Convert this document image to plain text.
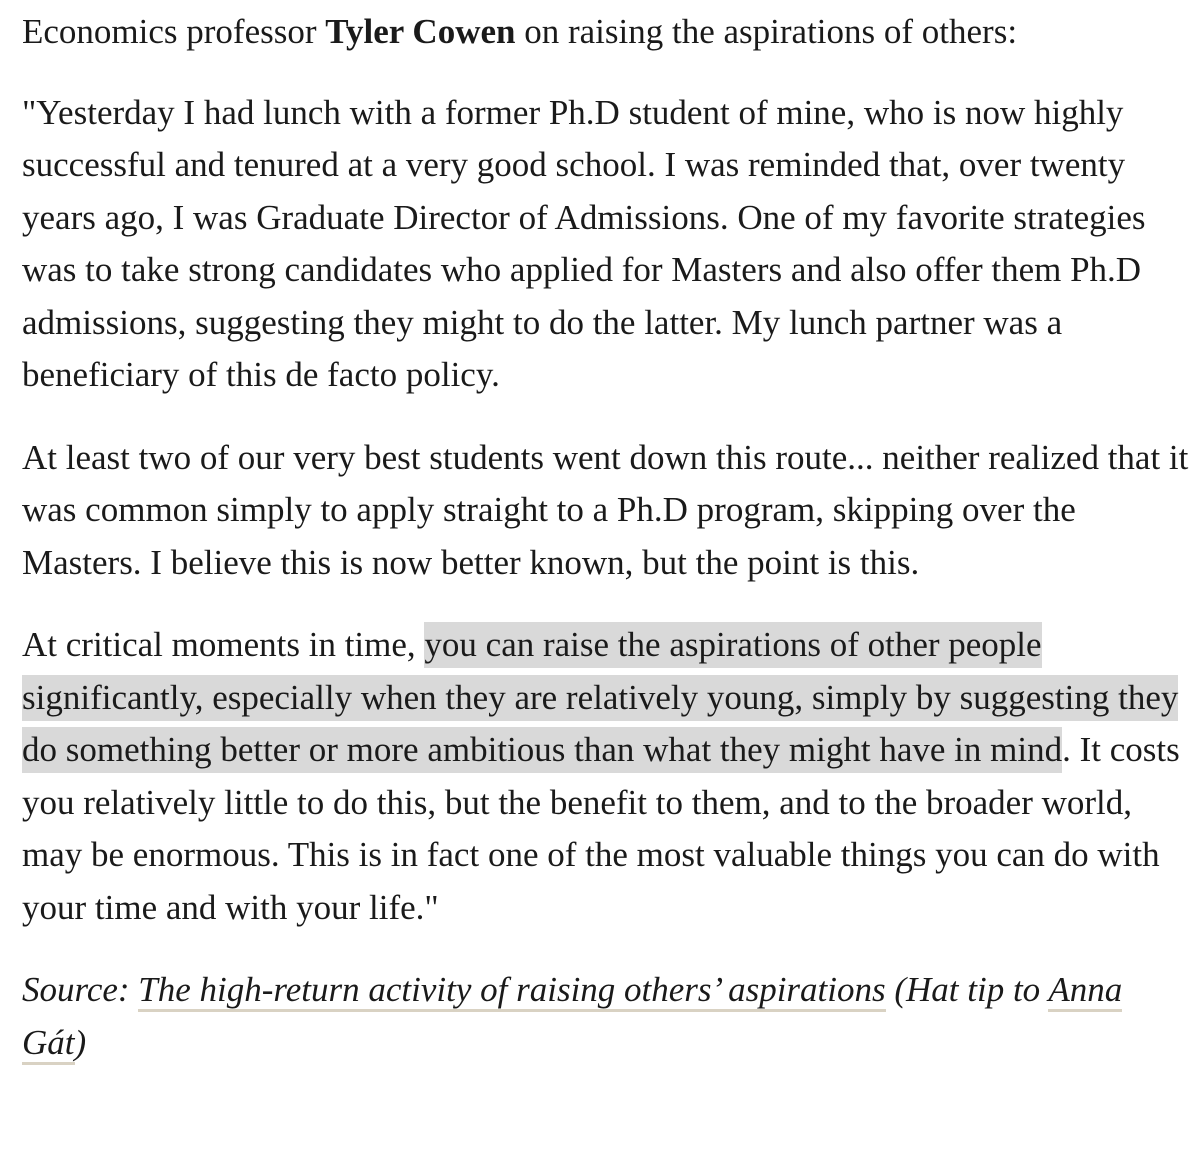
Economics professor Tyler Cowen on raising the aspirations of others:

"Yesterday I had lunch with a former Ph.D student of mine, who is now highly successful and tenured at a very good school. I was reminded that, over twenty years ago, I was Graduate Director of Admissions. One of my favorite strategies was to take strong candidates who applied for Masters and also offer them Ph.D admissions, suggesting they might to do the latter. My lunch partner was a beneficiary of this de facto policy.

At least two of our very best students went down this route... neither realized that it was common simply to apply straight to a Ph.D program, skipping over the Masters. I believe this is now better known, but the point is this.

At critical moments in time, you can raise the aspirations of other people significantly, especially when they are relatively young, simply by suggesting they do something better or more ambitious than what they might have in mind. It costs you relatively little to do this, but the benefit to them, and to the broader world, may be enormous. This is in fact one of the most valuable things you can do with your time and with your life."

Source: The high-return activity of raising others’ aspirations (Hat tip to Anna Gát)
